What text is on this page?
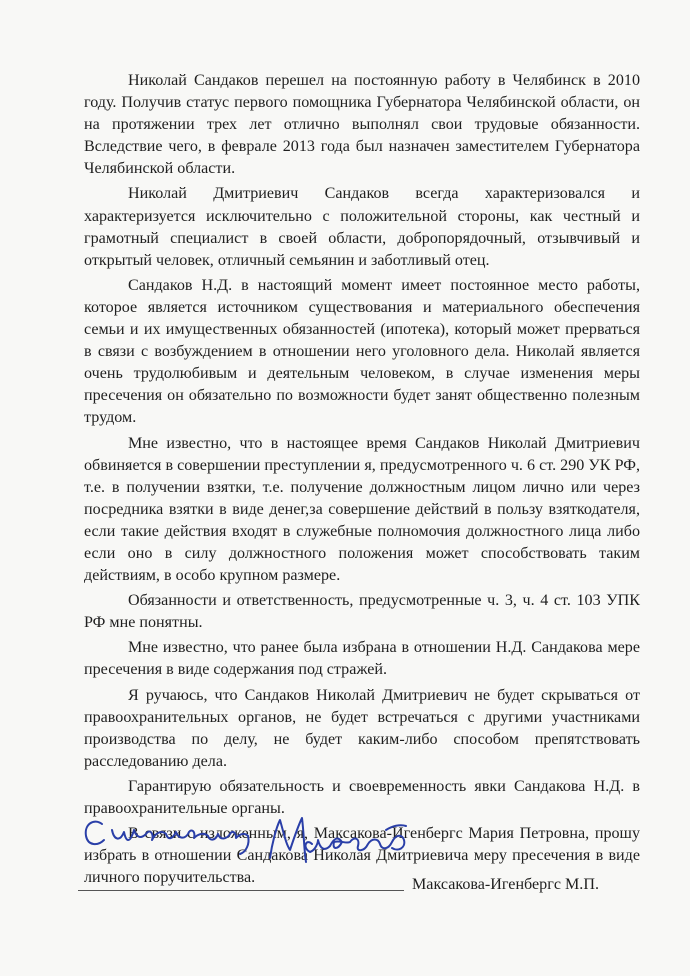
Николай Сандаков перешел на постоянную работу в Челябинск в 2010 году. Получив статус первого помощника Губернатора Челябинской области, он на протяжении трех лет отлично выполнял свои трудовые обязанности. Вследствие чего, в феврале 2013 года был назначен заместителем Губернатора Челябинской области.

Николай Дмитриевич Сандаков всегда характеризовался и характеризуется исключительно с положительной стороны, как честный и грамотный специалист в своей области, добропорядочный, отзывчивый и открытый человек, отличный семьянин и заботливый отец.

Сандаков Н.Д. в настоящий момент имеет постоянное место работы, которое является источником существования и материального обеспечения семьи и их имущественных обязанностей (ипотека), который может прерваться в связи с возбуждением в отношении него уголовного дела. Николай является очень трудолюбивым и деятельным человеком, в случае изменения меры пресечения он обязательно по возможности будет занят общественно полезным трудом.

Мне известно, что в настоящее время Сандаков Николай Дмитриевич обвиняется в совершении преступлении я, предусмотренного ч. 6 ст. 290 УК РФ, т.е. в получении взятки, т.е. получение должностным лицом лично или через посредника взятки в виде денег,за совершение действий в пользу взяткодателя, если такие действия входят в служебные полномочия должностного лица либо если оно в силу должностного положения может способствовать таким действиям, в особо крупном размере.

Обязанности и ответственность, предусмотренные ч. 3, ч. 4 ст. 103 УПК РФ мне понятны.

Мне известно, что ранее была избрана в отношении Н.Д. Сандакова мере пресечения в виде содержания под стражей.

Я ручаюсь, что Сандаков Николай Дмитриевич не будет скрываться от правоохранительных органов, не будет встречаться с другими участниками производства по делу, не будет каким-либо способом препятствовать расследованию дела.

Гарантирую обязательность и своевременность явки Сандакова Н.Д. в правоохранительные органы.

В связи с изложенным, я, Максакова-Игенбергс Мария Петровна, прошу избрать в отношении Сандакова Николая Дмитриевича меру пресечения в виде личного поручительства.	Максакова-Игенбергс М.П.
